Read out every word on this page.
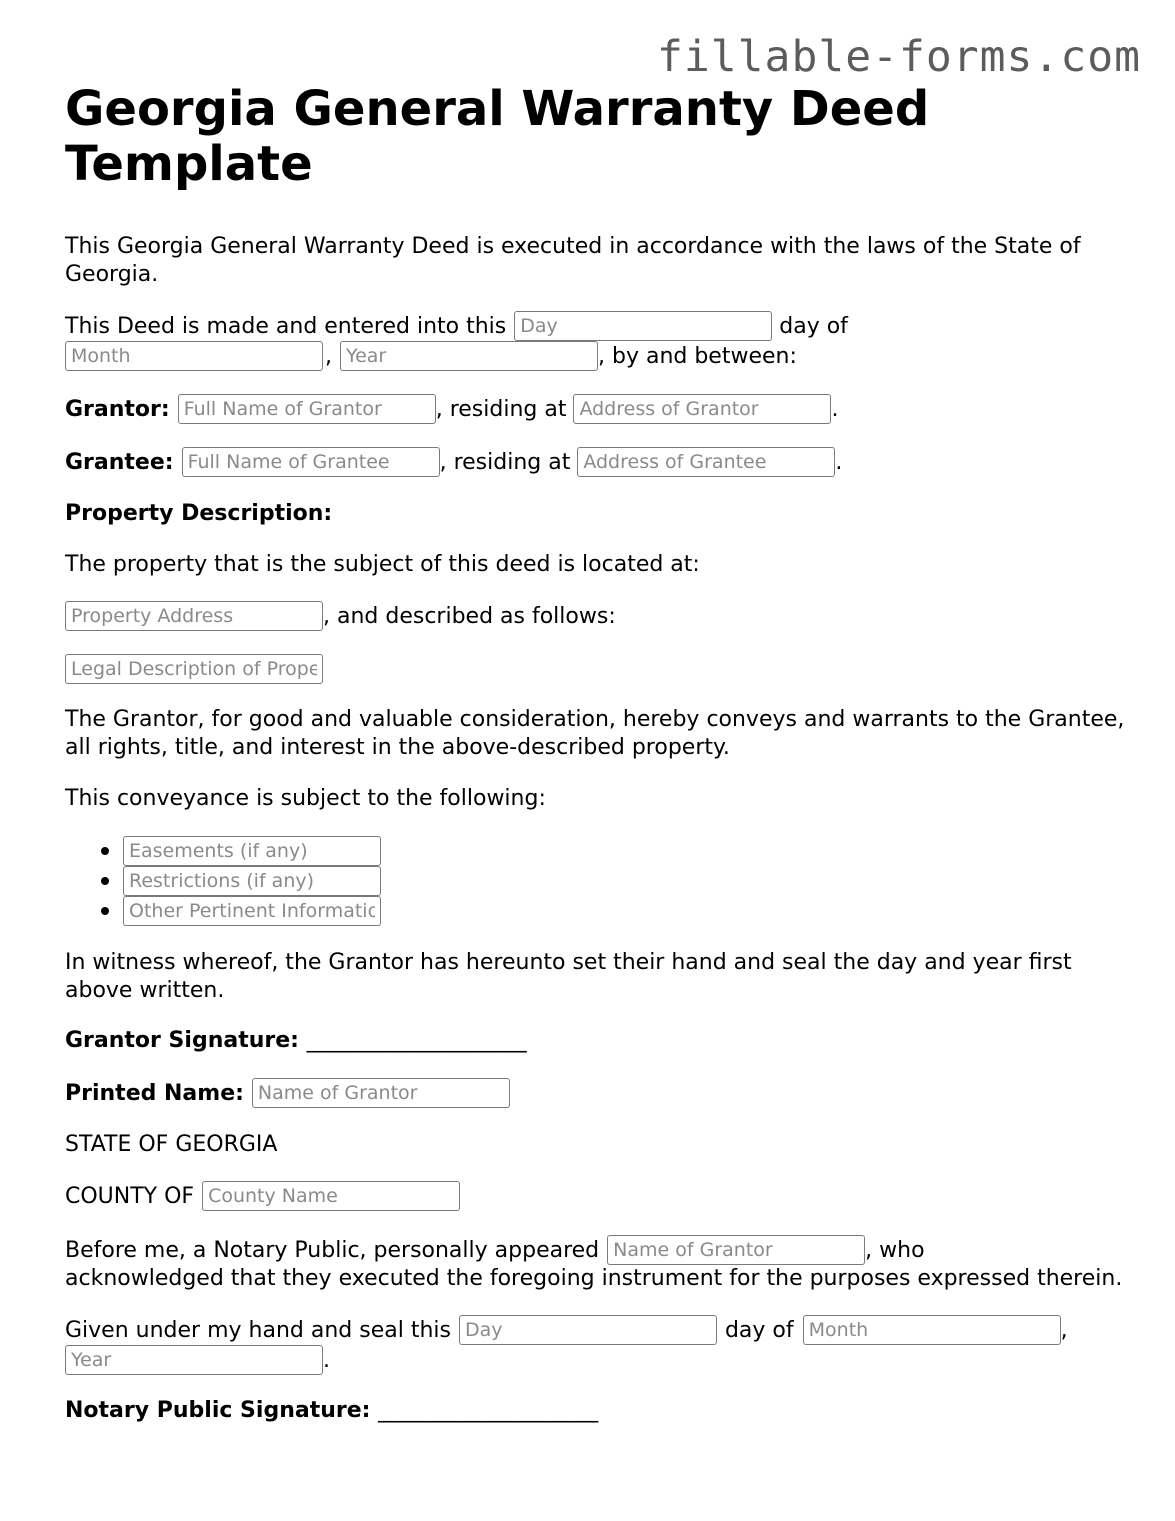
fillable-forms.com
Georgia General Warranty Deed Template

This Georgia General Warranty Deed is executed in accordance with the laws of the State of Georgia.

This Deed is made and entered into this
Day	day of
Month
,
Year	, by and between:
Grantor:
Full Name of Grantor	, residing at
Address of Grantor	.
Grantee:
Full Name of Grantee	, residing at
Address of Grantee	.

Property Description:

The property that is the subject of this deed is located at:

Property Address
, and described as follows:
Legal Description of Property

The Grantor, for good and valuable consideration, hereby conveys and warrants to the Grantee, all rights, title, and interest in the above-described property.

This conveyance is subject to the following:

Easements (if any)
Restrictions (if any)
Other Pertinent Information

In witness whereof, the Grantor has hereunto set their hand and seal the day and year first above written.

Grantor Signature: ____________________

Printed Name:
Name of Grantor

STATE OF GEORGIA

COUNTY OF
County Name
Before me, a Notary Public, personally appeared
Name of Grantor	, who

acknowledged that they executed the foregoing instrument for the purposes expressed therein.

Given under my hand and seal this
Day	day of
Month	,
Year
.

Notary Public Signature: ____________________
